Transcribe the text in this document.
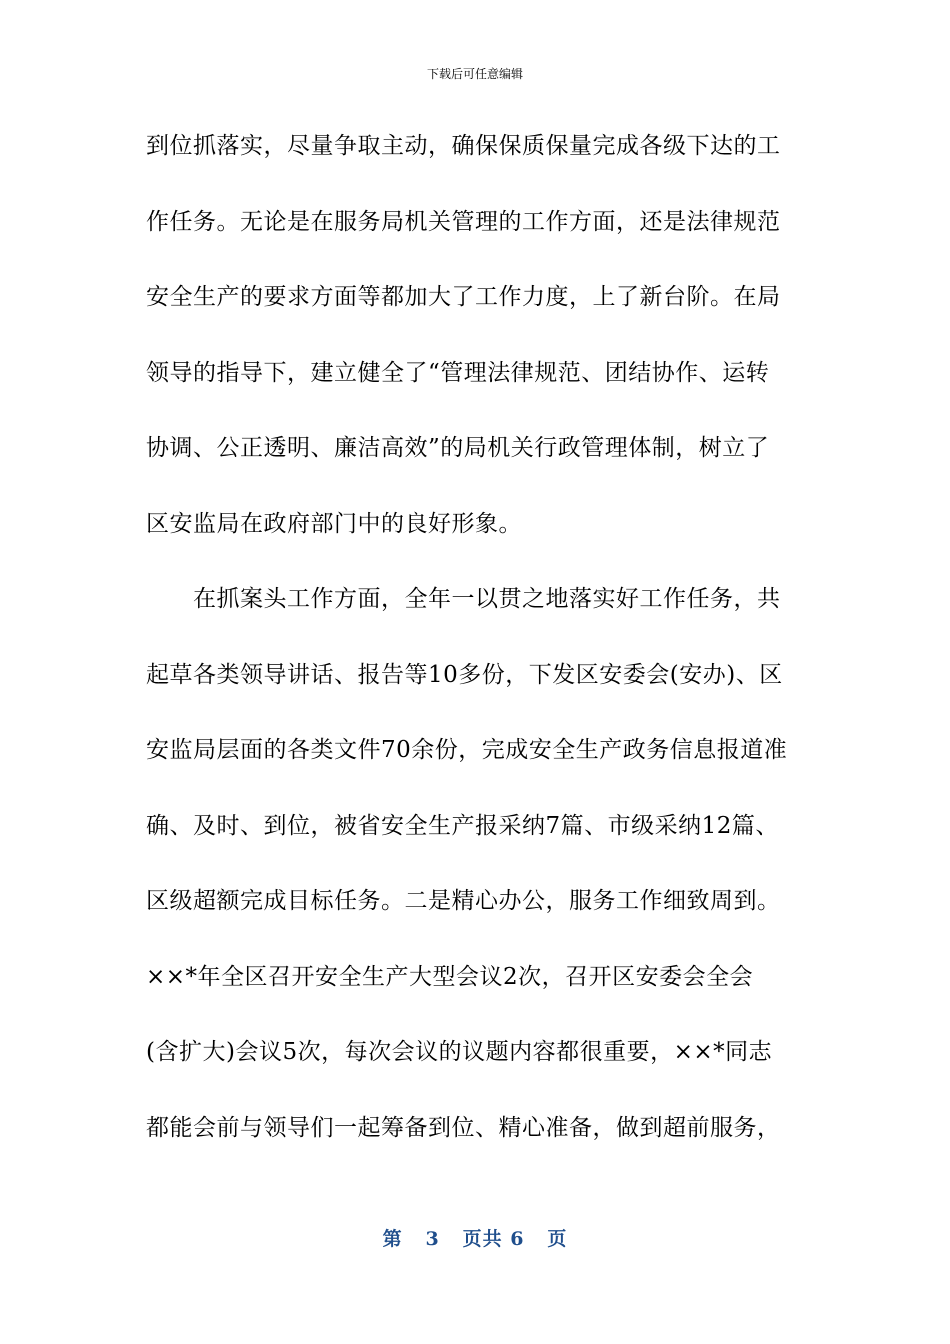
下载后可任意编辑
到位抓落实，尽量争取主动，确保保质保量完成各级下达的工
作任务。无论是在服务局机关管理的工作方面，还是法律规范
安全生产的要求方面等都加大了工作力度，上了新台阶。在局
领导的指导下，建立健全了“管理法律规范、团结协作、运转
协调、公正透明、廉洁高效”的局机关行政管理体制，树立了
区安监局在政府部门中的良好形象。
　　在抓案头工作方面，全年一以贯之地落实好工作任务，共
起草各类领导讲话、报告等10多份，下发区安委会(安办)、区
安监局层面的各类文件70余份，完成安全生产政务信息报道准
确、及时、到位，被省安全生产报采纳7篇、市级采纳12篇、
区级超额完成目标任务。二是精心办公，服务工作细致周到。
××*年全区召开安全生产大型会议2次，召开区安委会全会
(含扩大)会议5次，每次会议的议题内容都很重要，××*同志
都能会前与领导们一起筹备到位、精心准备，做到超前服务，
第 3 页共 6 页
